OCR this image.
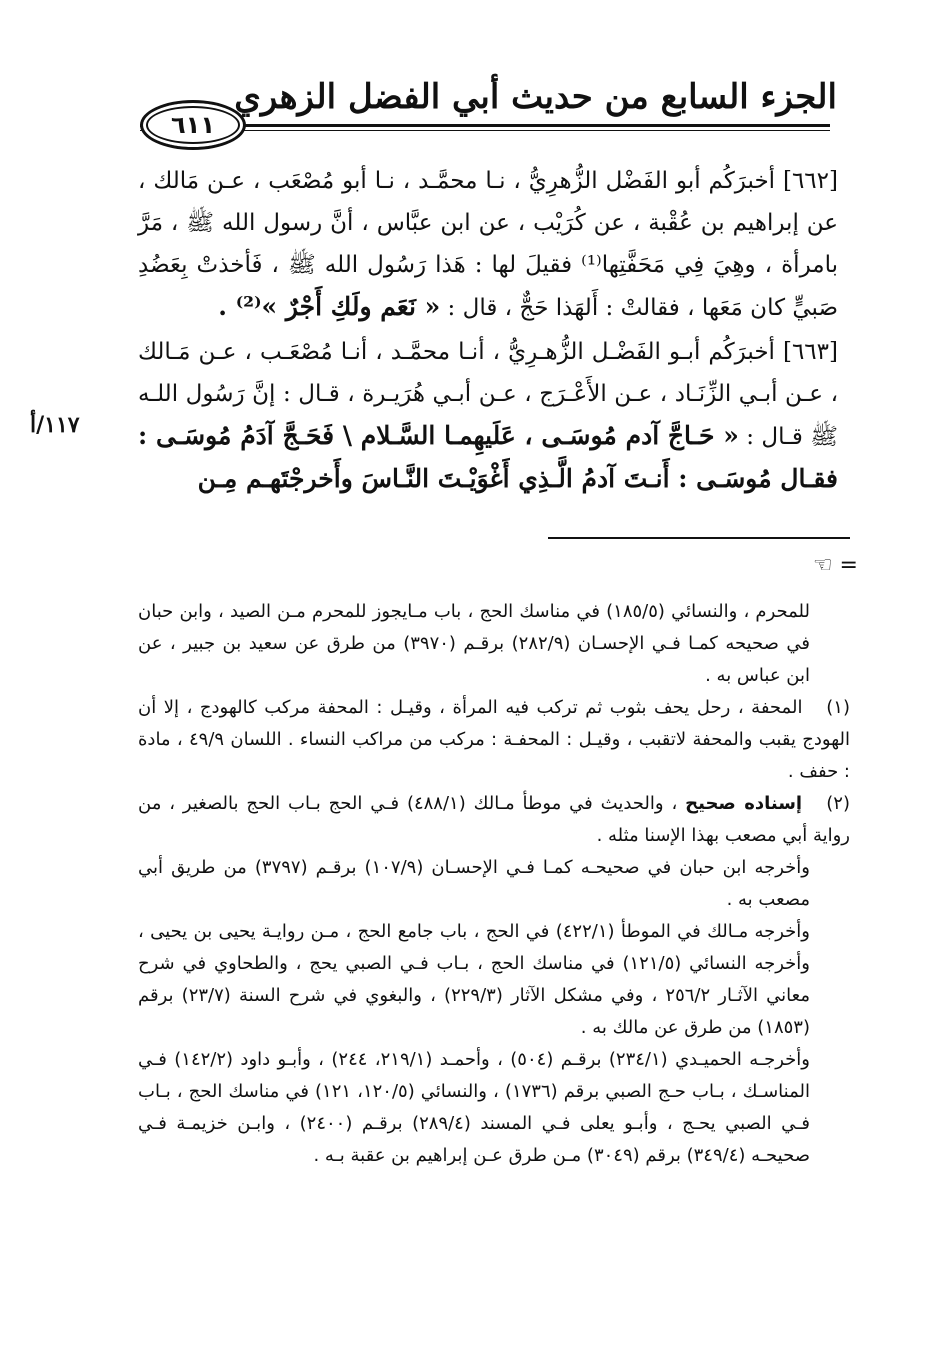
الجزء السابع من حديث أبي الفضل الزهري
٦١١

[٦٦٢] أخبرَكُم أبو الفَضْل الزُّهرِيُّ ، نـا محمَّـد ، نـا أبو مُصْعَب ، عـن مَالك ، عن إبراهيم بن عُقْبة ، عن كُرَيْب ، عن ابن عبَّاس ، أنَّ رسول الله ﷺ ، مَرَّ بامرأة ، وهِيَ فِي مَحَفَّتِها⁽¹⁾ فقيلَ لها : هَذا رَسُول الله ﷺ ، فَأخذتْ بِعَضُدِ صَبيٍّ كان مَعَها ، فقالتْ : أَلهَذا حَجٌّ ، قال : « نَعَم ولَكِ أَجْرٌ »⁽²⁾ .

[٦٦٣] أخبرَكُم أبـو الفَضْـل الزُّهـرِيُّ ، أنـا محمَّـد ، أنـا مُصْعَـب ، عـن مَـالك ، عـن أبـي الزِّنَـاد ، عـن الأَعْـرَج ، عـن أبـي هُرَيـرة ، قـال : إنَّ رَسُول اللـه ﷺ قـال : « حَـاجَّ آدم مُوسَـى ، عَلَيهِمـا السَّـلام \ فَحَـجَّ آدَمُ مُوسَـى : فقـال مُوسَـى : أَنـتَ آدمُ الَّـذِي أَغْوَيْـتَ النَّـاسَ وأَخرجْتَهـم مِـن

١١٧/أ
= ☜

للمحرم ، والنسائي (١٨٥/٥) في مناسك الحج ، باب مـايجوز للمحرم مـن الصيد ، وابن حبان في صحيحه كمـا فـي الإحسـان (٢٨٢/٩) برقـم (٣٩٧٠) من طرق عن سعيد بن جبير ، عن ابن عباس به .

(١) المحفة ، رحل يحف بثوب ثم تركب فيه المرأة ، وقيـل : المحفة مركب كالهودج ، إلا أن الهودج يقبب والمحفة لاتقبب ، وقيـل : المحفـة : مركب من مراكب النساء . اللسان ٤٩/٩ ، مادة : حفف .

(٢) إسناده صحيح ، والحديث في موطأ مـالك (٤٨٨/١) فـي الحج بـاب الحج بالصغير ، من رواية أبي مصعب بهذا الإسنا مثله .

وأخرجه ابن حبان في صحيحـه كمـا فـي الإحسـان (١٠٧/٩) برقـم (٣٧٩٧) من طريق أبي مصعب به .

وأخرجه مـالك في الموطأ (٤٢٢/١) في الحج ، باب جامع الحج ، مـن روايـة يحيى بن يحيى ، وأخرجه النسائي (١٢١/٥) في مناسك الحج ، بـاب فـي الصبي يحج ، والطحاوي في شرح معاني الآثـار ٢٥٦/٢ ، وفي مشكل الآثار (٢٢٩/٣) ، والبغوي في شرح السنة (٢٣/٧) برقم (١٨٥٣) من طرق عن مالك به .

وأخرجـه الحميـدي (٢٣٤/١) برقـم (٥٠٤) ، وأحمـد (٢١٩/١، ٢٤٤) ، وأبـو داود (١٤٢/٢) فـي المناسـك ، بـاب حـج الصبي برقم (١٧٣٦) ، والنسائي (١٢٠/٥، ١٢١) في مناسك الحج ، بـاب فـي الصبي يحـج ، وأبـو يعلى فـي المسند (٢٨٩/٤) برقـم (٢٤٠٠) ، وابـن خزيمـة فـي صحيحـه (٣٤٩/٤) برقم (٣٠٤٩) مـن طرق عـن إبراهيم بن عقبة بـه .
